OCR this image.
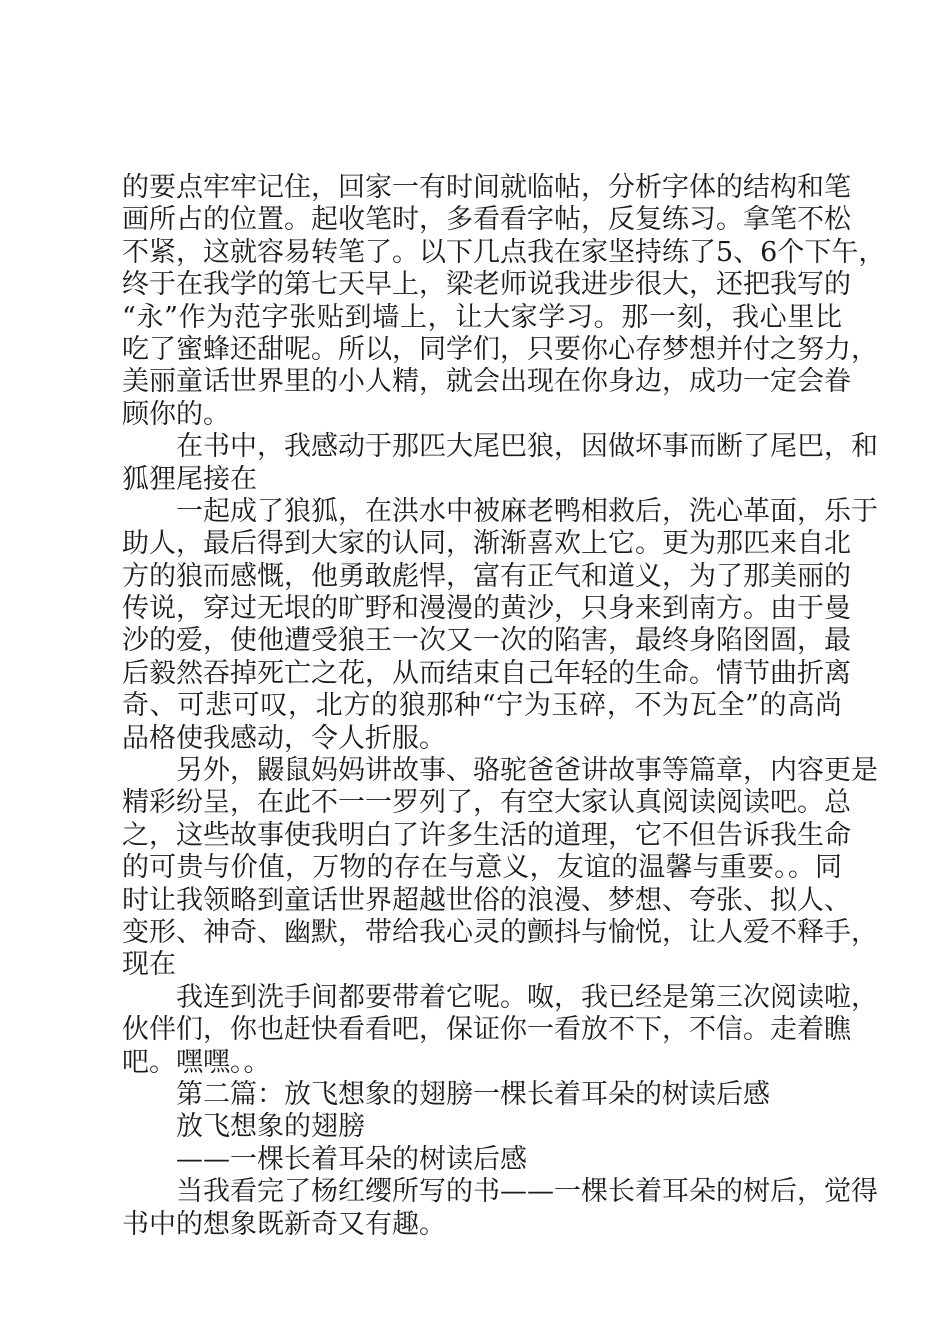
的要点牢牢记住，回家一有时间就临帖，分析字体的结构和笔
画所占的位置。起收笔时，多看看字帖，反复练习。拿笔不松
不紧，这就容易转笔了。以下几点我在家坚持练了5、6个下午，
终于在我学的第七天早上，梁老师说我进步很大，还把我写的
“永”作为范字张贴到墙上，让大家学习。那一刻，我心里比
吃了蜜蜂还甜呢。所以，同学们，只要你心存梦想并付之努力，
美丽童话世界里的小人精，就会出现在你身边，成功一定会眷
顾你的。
在书中，我感动于那匹大尾巴狼，因做坏事而断了尾巴，和
狐狸尾接在
一起成了狼狐，在洪水中被麻老鸭相救后，洗心革面，乐于
助人，最后得到大家的认同，渐渐喜欢上它。更为那匹来自北
方的狼而感慨，他勇敢彪悍，富有正气和道义，为了那美丽的
传说，穿过无垠的旷野和漫漫的黄沙，只身来到南方。由于曼
沙的爱，使他遭受狼王一次又一次的陷害，最终身陷囹圄，最
后毅然吞掉死亡之花，从而结束自己年轻的生命。情节曲折离
奇、可悲可叹，北方的狼那种“宁为玉碎，不为瓦全”的高尚
品格使我感动，令人折服。
另外，鼹鼠妈妈讲故事、骆驼爸爸讲故事等篇章，内容更是
精彩纷呈，在此不一一罗列了，有空大家认真阅读阅读吧。总
之，这些故事使我明白了许多生活的道理，它不但告诉我生命
的可贵与价值，万物的存在与意义，友谊的温馨与重要。。同
时让我领略到童话世界超越世俗的浪漫、梦想、夸张、拟人、
变形、神奇、幽默，带给我心灵的颤抖与愉悦，让人爱不释手，
现在
我连到洗手间都要带着它呢。呶，我已经是第三次阅读啦，
伙伴们，你也赶快看看吧，保证你一看放不下，不信。走着瞧
吧。嘿嘿。。
第二篇：放飞想象的翅膀一棵长着耳朵的树读后感
放飞想象的翅膀
——一棵长着耳朵的树读后感
当我看完了杨红缨所写的书——一棵长着耳朵的树后，觉得
书中的想象既新奇又有趣。
